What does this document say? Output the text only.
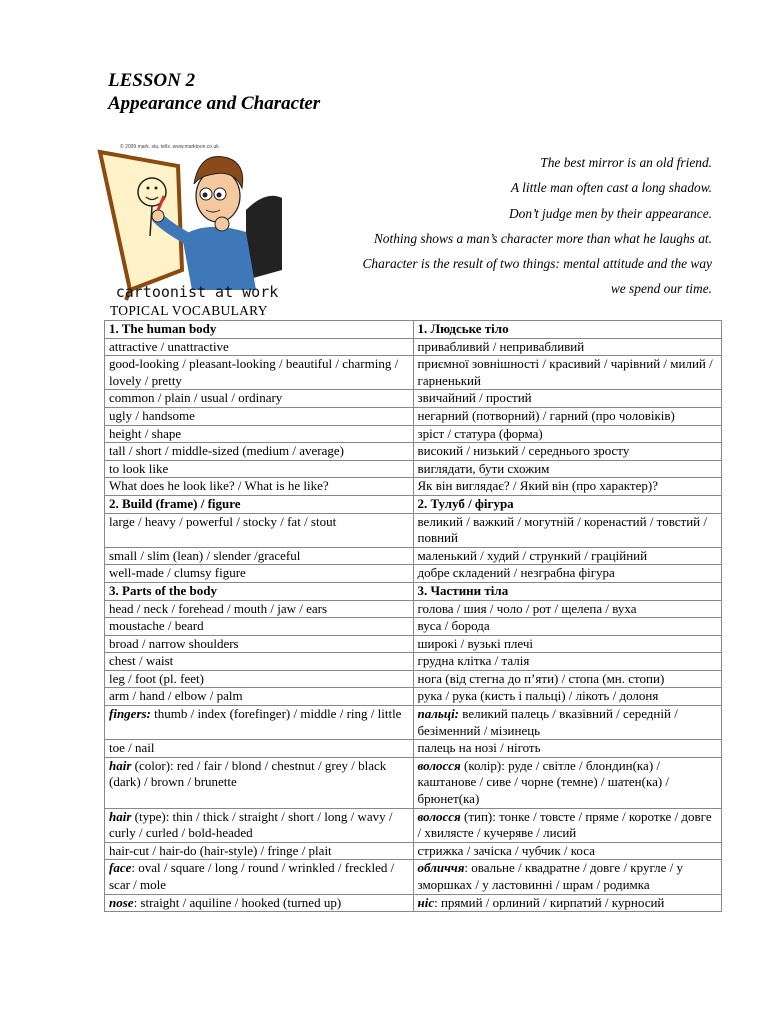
LESSON 2
Appearance and Character
© 2009 mark. stu. tells. www.marktoon.co.uk
cartoonist at work
The best mirror is an old friend.
A little man often cast a long shadow.
Don’t judge men by their appearance.
Nothing shows a man’s character more than what he laughs at.
Character is the result of two things: mental attitude and the way
we spend our time.
TOPICAL VOCABULARY
1. The human body	1. Людське тіло
attractive / unattractive	привабливий / непривабливий
good-looking / pleasant-looking / beautiful / charming / lovely / pretty	приємної зовнішності / красивий / чарівний / милий / гарненький
common / plain / usual / ordinary	звичайний / простий
ugly / handsome	негарний (потворний) / гарний (про чоловіків)
height / shape	зріст / статура (форма)
tall / short / middle-sized (medium / average)	високий / низький / середнього зросту
to look like	виглядати, бути схожим
What does he look like? / What is he like?	Як він виглядає? / Який він (про характер)?
2. Build (frame) / figure	2. Тулуб / фігура
large / heavy / powerful / stocky / fat / stout	великий / важкий / могутній / коренастий / товстий / повний
small / slim (lean) / slender /graceful	маленький / худий / стрункий / граційний
well-made / clumsy figure	добре складений / незграбна фігура
3. Parts of the body	3. Частини тіла
head / neck / forehead / mouth / jaw / ears	голова / шия / чоло / рот / щелепа / вуха
moustache / beard	вуса / борода
broad / narrow shoulders	широкі / вузькі плечі
chest / waist	грудна клітка / талія
leg / foot (pl. feet)	нога (від стегна до п’яти) / стопа (мн. стопи)
arm / hand / elbow / palm	рука / рука (кисть і пальці) / лікоть / долоня
fingers: thumb / index (forefinger) / middle / ring / little	пальці: великий палець / вказівний / середній / безіменний / мізинець
toe / nail	палець на нозі / ніготь
hair (color): red / fair / blond / chestnut / grey / black (dark) / brown / brunette	волосся (колір): руде / світле / блондин(ка) / каштанове / сиве / чорне (темне) / шатен(ка) / брюнет(ка)
hair (type): thin / thick / straight / short / long / wavy / curly / curled / bold-headed	волосся (тип): тонке / товсте / пряме / коротке / довге / хвилясте / кучеряве / лисий
hair-cut / hair-do (hair-style) / fringe / plait	стрижка / зачіска / чубчик / коса
face: oval / square / long / round / wrinkled / freckled / scar / mole	обличчя: овальне / квадратне / довге / кругле / у зморшках / у ластовинні / шрам / родимка
nose: straight / aquiline / hooked (turned up)	ніс: прямий / орлиний / кирпатий / курносий
